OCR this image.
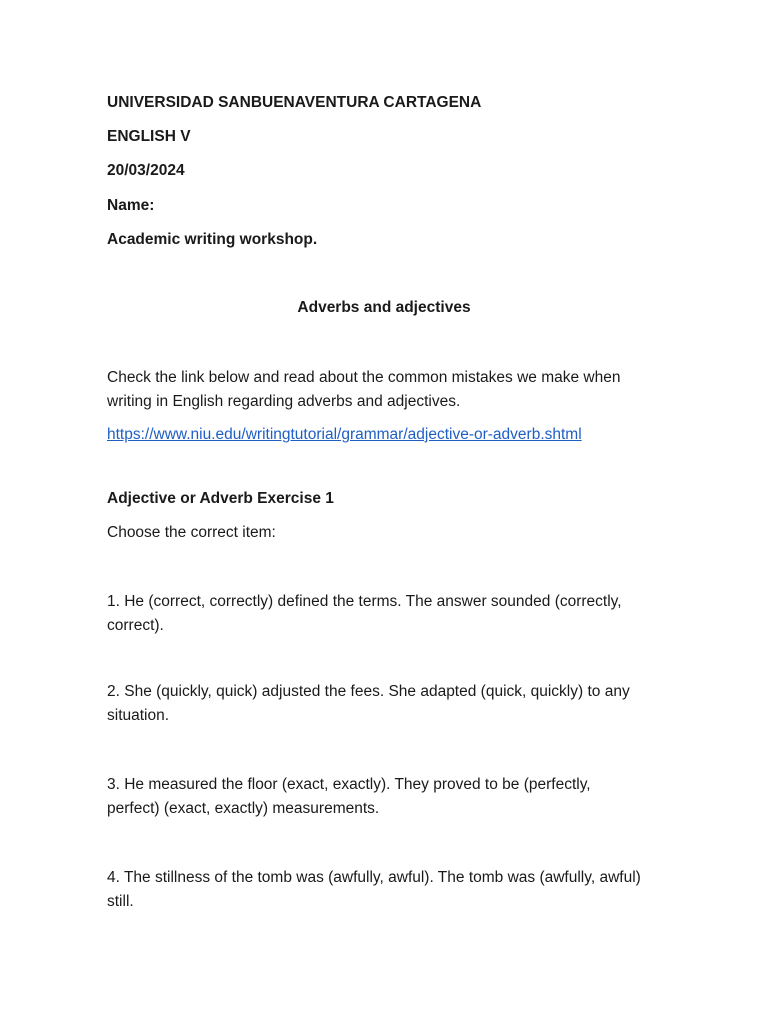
UNIVERSIDAD SANBUENAVENTURA CARTAGENA
ENGLISH V
20/03/2024
Name:
Academic writing workshop.
Adverbs and adjectives
Check the link below and read about the common mistakes we make when writing in English regarding adverbs and adjectives.
https://www.niu.edu/writingtutorial/grammar/adjective-or-adverb.shtml
Adjective or Adverb Exercise 1
Choose the correct item:
1. He (correct, correctly) defined the terms. The answer sounded (correctly, correct).
2. She (quickly, quick) adjusted the fees. She adapted (quick, quickly) to any situation.
3. He measured the floor (exact, exactly). They proved to be (perfectly, perfect) (exact, exactly) measurements.
4. The stillness of the tomb was (awfully, awful). The tomb was (awfully, awful) still.
